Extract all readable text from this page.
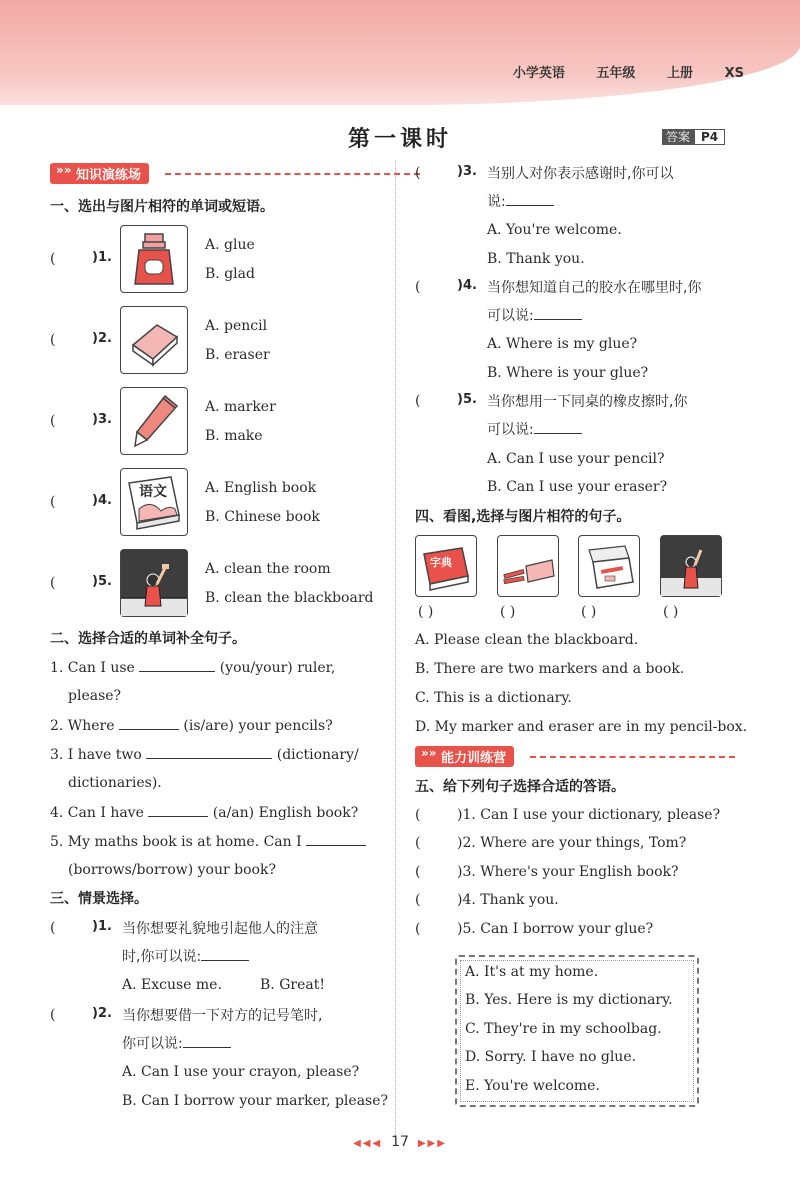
小学英语 五年级 上册 XS
第一课时	答案 P4
»» 知识演练场
一、选出与图片相符的单词或短语。
( )1.
A. glue
B. glad
( )2.
A. pencil
B. eraser
( )3.
A. marker
B. make
( )4.
语文	A. English book
B. Chinese book
( )5.
A. clean the room
B. clean the blackboard
二、选择合适的单词补全句子。
1. Can I use	(you/your) ruler,
please?
2. Where	(is/are) your pencils?
3. I have two	(dictionary/
dictionaries).
4. Can I have	(a/an) English book?
5. My maths book is at home. Can I
(borrows/borrow) your book?
三、情景选择。
( )1. 当你想要礼貌地引起他人的注意
时,你可以说:
A. Excuse me.	B. Great!
( )2. 当你想要借一下对方的记号笔时,
你可以说:
A. Can I use your crayon, please?
B. Can I borrow your marker, please?
( )3. 当别人对你表示感谢时,你可以
说:
A. You're welcome.
B. Thank you.
( )4. 当你想知道自己的胶水在哪里时,你
可以说:
A. Where is my glue?
B. Where is your glue?
( )5. 当你想用一下同桌的橡皮擦时,你
可以说:
A. Can I use your pencil?
B. Can I use your eraser?
四、看图,选择与图片相符的句子。
字典
( )	( )	( )	( )
A. Please clean the blackboard.
B. There are two markers and a book.
C. This is a dictionary.
D. My marker and eraser are in my pencil-box.
»» 能力训练营
五、给下列句子选择合适的答语。
( )1. Can I use your dictionary, please?
( )2. Where are your things, Tom?
( )3. Where's your English book?
( )4. Thank you.
( )5. Can I borrow your glue?
A. It's at my home.
B. Yes. Here is my dictionary.
C. They're in my schoolbag.
D. Sorry. I have no glue.
E. You're welcome.
◀◀◀ 17 ▶▶▶
